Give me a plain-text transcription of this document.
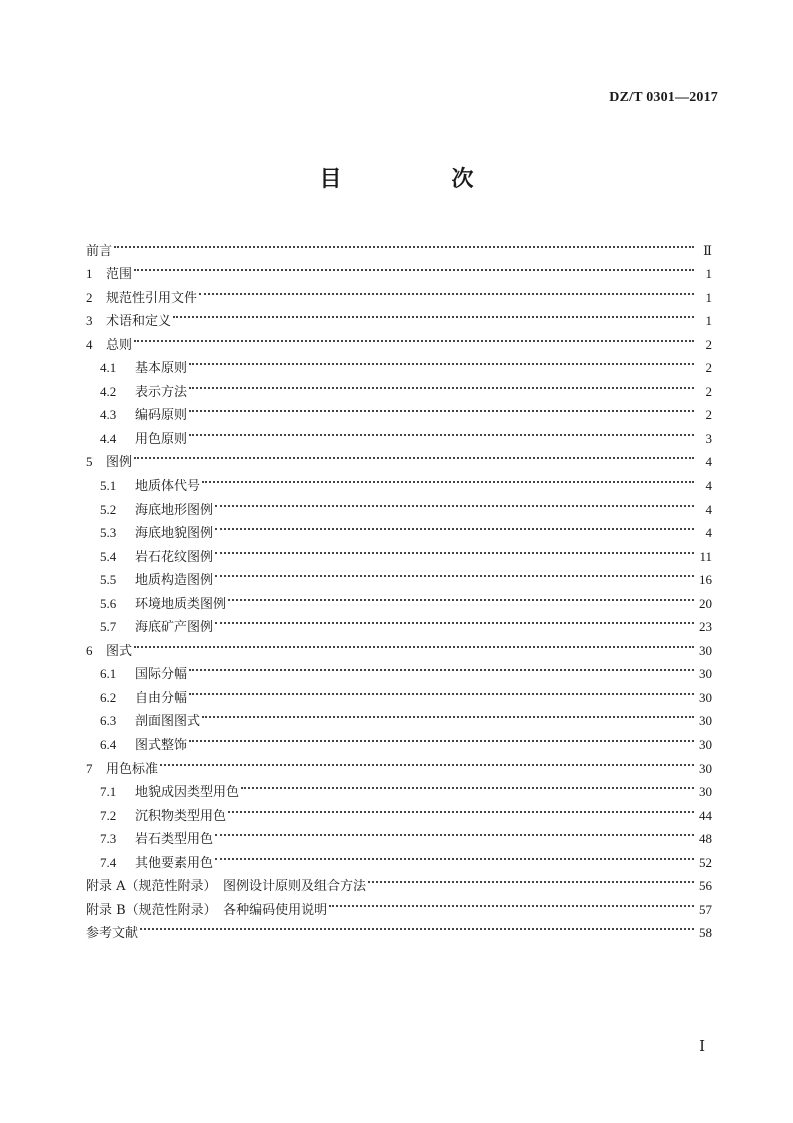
DZ/T 0301—2017
目　次
前言	Ⅱ
1	范围	1
2	规范性引用文件	1
3	术语和定义	1
4	总则	2
4.1	基本原则	2
4.2	表示方法	2
4.3	编码原则	2
4.4	用色原则	3
5	图例	4
5.1	地质体代号	4
5.2	海底地形图例	4
5.3	海底地貌图例	4
5.4	岩石花纹图例	11
5.5	地质构造图例	16
5.6	环境地质类图例	20
5.7	海底矿产图例	23
6	图式	30
6.1	国际分幅	30
6.2	自由分幅	30
6.3	剖面图图式	30
6.4	图式整饰	30
7	用色标准	30
7.1	地貌成因类型用色	30
7.2	沉积物类型用色	44
7.3	岩石类型用色	48
7.4	其他要素用色	52
附录 A（规范性附录）　图例设计原则及组合方法	56
附录 B（规范性附录）　各种编码使用说明	57
参考文献	58
Ⅰ
